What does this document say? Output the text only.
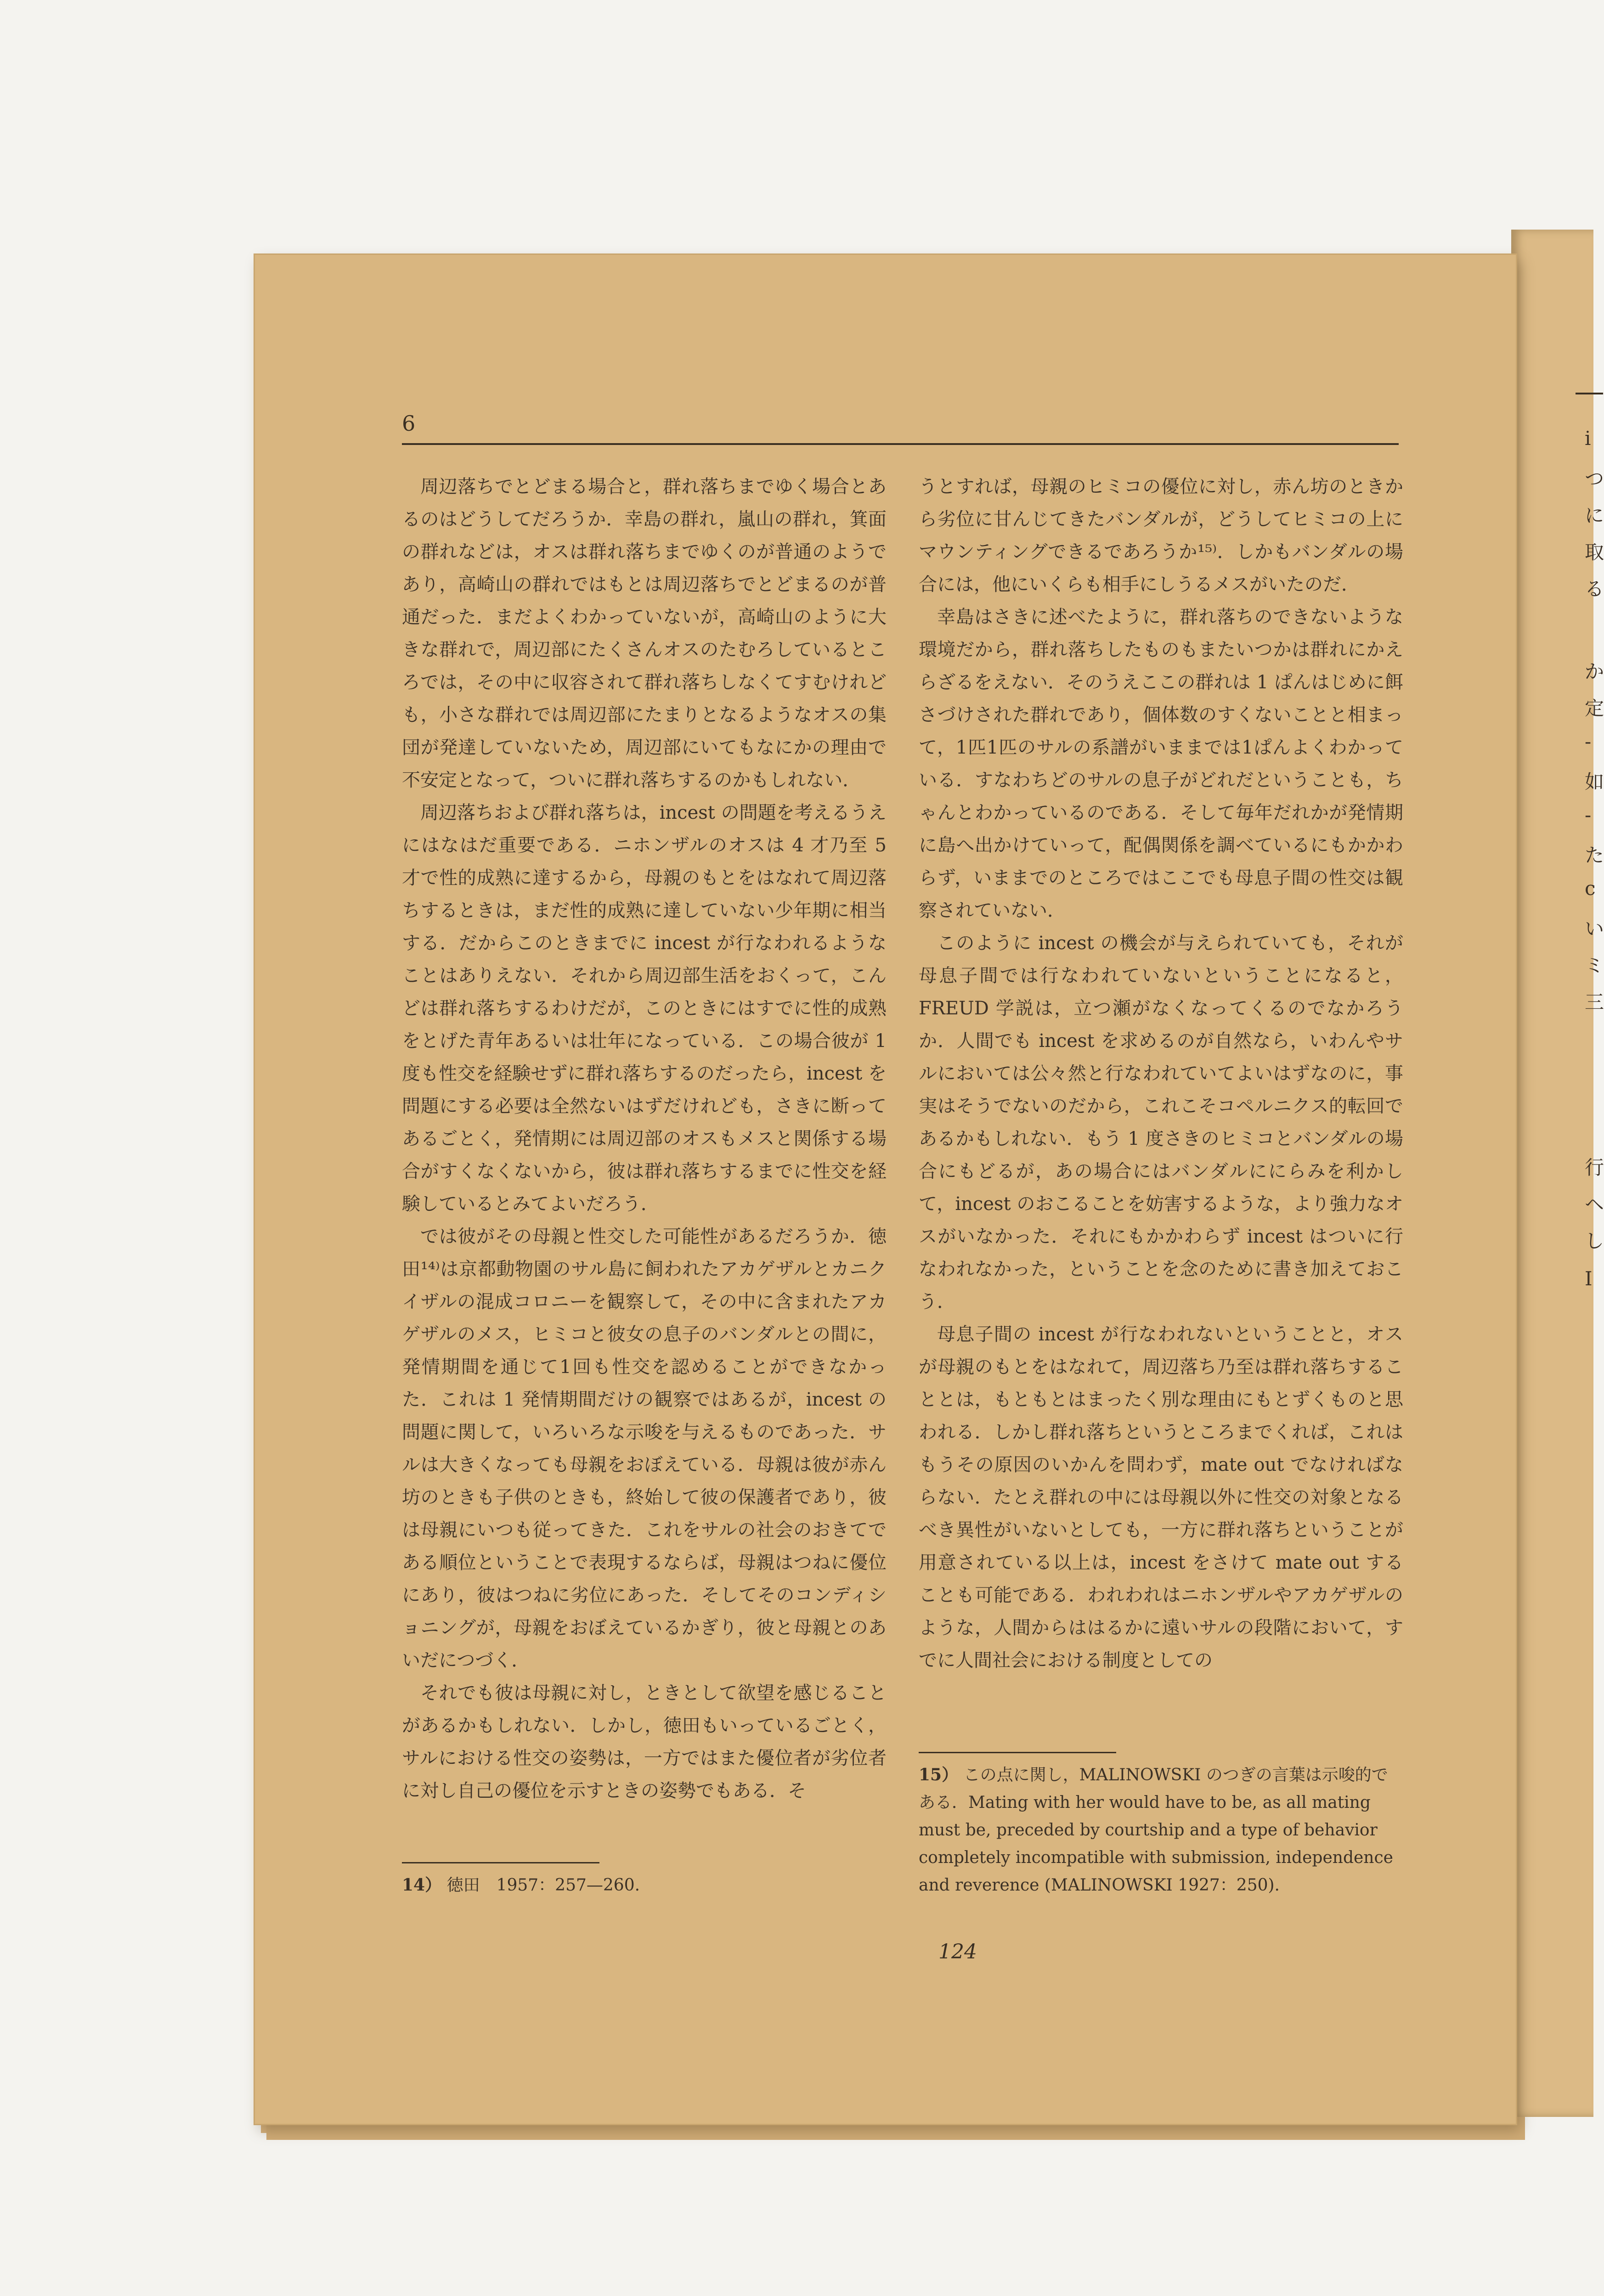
i
つ
に
取
る
か
定
-
如
-
た
c
い
ミ
三
行
ヘ
し
I
6

周辺落ちでとどまる場合と，群れ落ちまでゆく場合とあるのはどうしてだろうか．幸島の群れ，嵐山の群れ，箕面の群れなどは，オスは群れ落ちまでゆくのが普通のようであり，高崎山の群れではもとは周辺落ちでとどまるのが普通だった．まだよくわかっていないが，高崎山のように大きな群れで，周辺部にたくさんオスのたむろしているところでは，その中に収容されて群れ落ちしなくてすむけれども，小さな群れでは周辺部にたまりとなるようなオスの集団が発達していないため，周辺部にいてもなにかの理由で不安定となって，ついに群れ落ちするのかもしれない．

周辺落ちおよび群れ落ちは，incest の問題を考えるうえにはなはだ重要である．ニホンザルのオスは 4 才乃至 5 才で性的成熟に達するから，母親のもとをはなれて周辺落ちするときは，まだ性的成熟に達していない少年期に相当する．だからこのときまでに incest が行なわれるようなことはありえない．それから周辺部生活をおくって，こんどは群れ落ちするわけだが，このときにはすでに性的成熟をとげた青年あるいは壮年になっている．この場合彼が 1 度も性交を経験せずに群れ落ちするのだったら，incest を問題にする必要は全然ないはずだけれども，さきに断ってあるごとく，発情期には周辺部のオスもメスと関係する場合がすくなくないから，彼は群れ落ちするまでに性交を経験しているとみてよいだろう．

では彼がその母親と性交した可能性があるだろうか．徳田¹⁴⁾は京都動物園のサル島に飼われたアカゲザルとカニクイザルの混成コロニーを観察して，その中に含まれたアカゲザルのメス，ヒミコと彼女の息子のバンダルとの間に，発情期間を通じて1回も性交を認めることができなかった．これは 1 発情期間だけの観察ではあるが，incest の問題に関して，いろいろな示唆を与えるものであった．サルは大きくなっても母親をおぼえている．母親は彼が赤ん坊のときも子供のときも，終始して彼の保護者であり，彼は母親にいつも従ってきた．これをサルの社会のおきてである順位ということで表現するならば，母親はつねに優位にあり，彼はつねに劣位にあった．そしてそのコンディショニングが，母親をおぼえているかぎり，彼と母親とのあいだにつづく．

それでも彼は母親に対し，ときとして欲望を感じることがあるかもしれない．しかし，徳田もいっているごとく，サルにおける性交の姿勢は，一方ではまた優位者が劣位者に対し自己の優位を示すときの姿勢でもある．そ

うとすれば，母親のヒミコの優位に対し，赤ん坊のときから劣位に甘んじてきたバンダルが，どうしてヒミコの上にマウンティングできるであろうか¹⁵⁾．しかもバンダルの場合には，他にいくらも相手にしうるメスがいたのだ．

幸島はさきに述べたように，群れ落ちのできないような環境だから，群れ落ちしたものもまたいつかは群れにかえらざるをえない．そのうえここの群れは 1 ぱんはじめに餌さづけされた群れであり，個体数のすくないことと相まって，1匹1匹のサルの系譜がいままでは1ぱんよくわかっている．すなわちどのサルの息子がどれだということも，ちゃんとわかっているのである．そして毎年だれかが発情期に島へ出かけていって，配偶関係を調べているにもかかわらず，いままでのところではここでも母息子間の性交は観察されていない．

このように incest の機会が与えられていても，それが母息子間では行なわれていないということになると，FREUD 学説は，立つ瀬がなくなってくるのでなかろうか．人間でも incest を求めるのが自然なら，いわんやサルにおいては公々然と行なわれていてよいはずなのに，事実はそうでないのだから，これこそコペルニクス的転回であるかもしれない．もう 1 度さきのヒミコとバンダルの場合にもどるが，あの場合にはバンダルににらみを利かして，incest のおこることを妨害するような，より強力なオスがいなかった．それにもかかわらず incest はついに行なわれなかった，ということを念のために書き加えておこう．

母息子間の incest が行なわれないということと，オスが母親のもとをはなれて，周辺落ち乃至は群れ落ちすることとは，もともとはまったく別な理由にもとずくものと思われる．しかし群れ落ちというところまでくれば，これはもうその原因のいかんを問わず，mate out でなければならない．たとえ群れの中には母親以外に性交の対象となるべき異性がいないとしても，一方に群れ落ちということが用意されている以上は，incest をさけて mate out することも可能である．われわれはニホンザルやアカゲザルのような，人間からははるかに遠いサルの段階において，すでに人間社会における制度としての

14） 徳田　1957：257—260.
15） この点に関し，MALINOWSKI のつぎの言葉は示唆的である．Mating with her would have to be, as all mating must be, preceded by courtship and a type of behavior completely incompatible with submission, independence and reverence (MALINOWSKI 1927：250).
124
